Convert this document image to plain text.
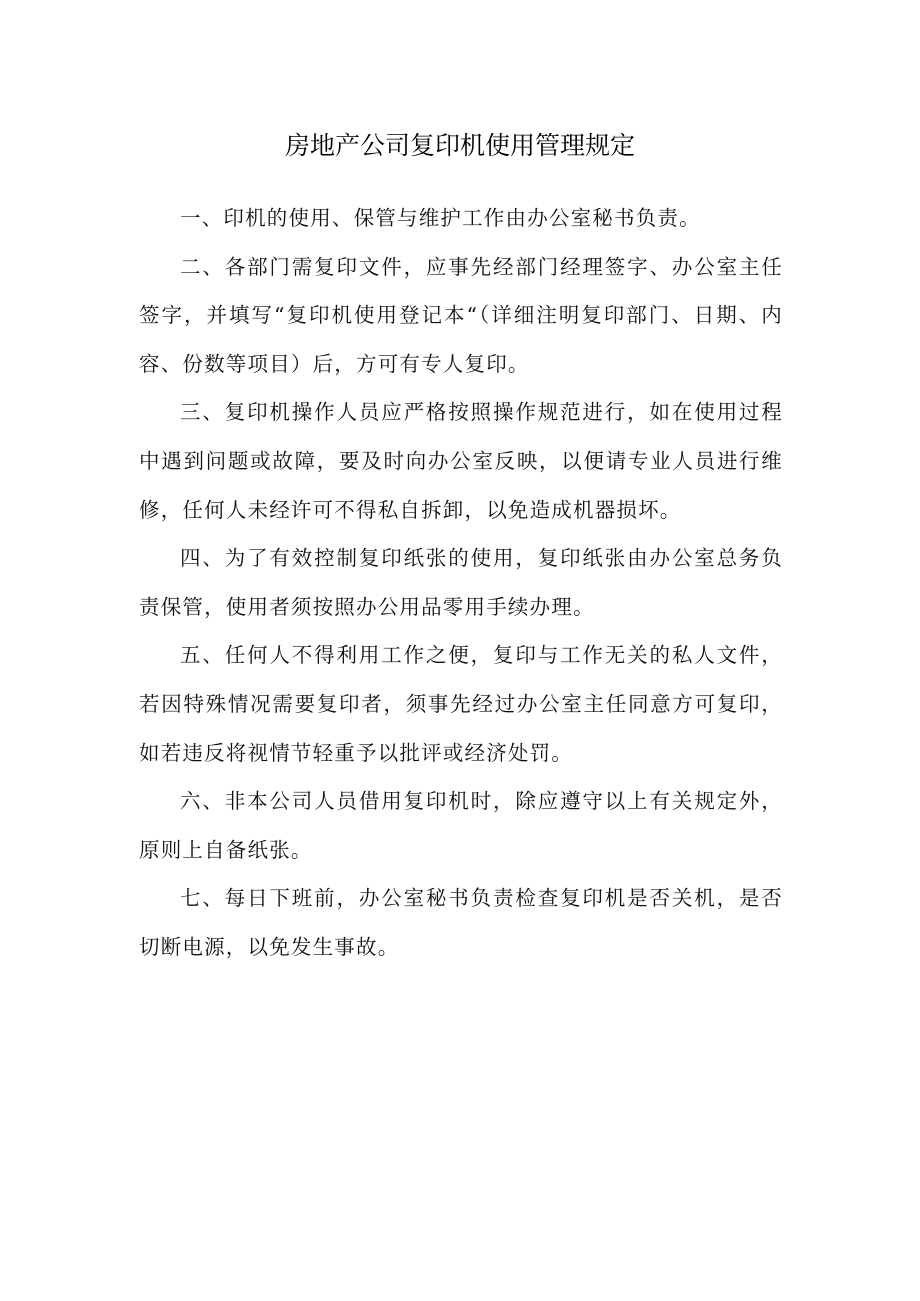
房地产公司复印机使用管理规定

一、印机的使用、保管与维护工作由办公室秘书负责。

二、各部门需复印文件，应事先经部门经理签字、办公室主任签字，并填写“复印机使用登记本“（详细注明复印部门、日期、内容、份数等项目）后，方可有专人复印。

三、复印机操作人员应严格按照操作规范进行，如在使用过程中遇到问题或故障，要及时向办公室反映，以便请专业人员进行维修，任何人未经许可不得私自拆卸，以免造成机器损坏。

四、为了有效控制复印纸张的使用，复印纸张由办公室总务负责保管，使用者须按照办公用品零用手续办理。

五、任何人不得利用工作之便，复印与工作无关的私人文件，若因特殊情况需要复印者，须事先经过办公室主任同意方可复印，如若违反将视情节轻重予以批评或经济处罚。

六、非本公司人员借用复印机时，除应遵守以上有关规定外，原则上自备纸张。

七、每日下班前，办公室秘书负责检查复印机是否关机，是否切断电源，以免发生事故。
